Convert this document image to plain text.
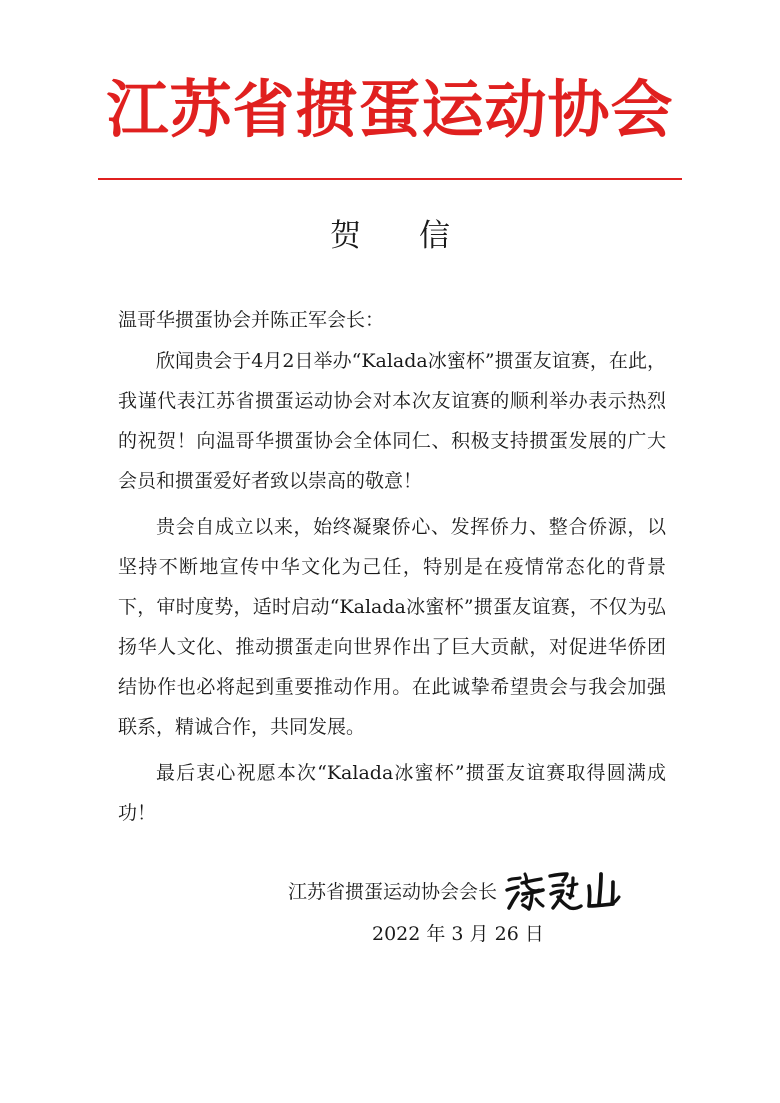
江苏省掼蛋运动协会
贺 信

温哥华掼蛋协会并陈正军会长：

欣闻贵会于4月2日举办“Kalada冰蜜杯”掼蛋友谊赛，在此，我谨代表江苏省掼蛋运动协会对本次友谊赛的顺利举办表示热烈的祝贺！向温哥华掼蛋协会全体同仁、积极支持掼蛋发展的广大会员和掼蛋爱好者致以崇高的敬意！

贵会自成立以来，始终凝聚侨心、发挥侨力、整合侨源，以坚持不断地宣传中华文化为己任，特别是在疫情常态化的背景下，审时度势，适时启动“Kalada冰蜜杯”掼蛋友谊赛，不仅为弘扬华人文化、推动掼蛋走向世界作出了巨大贡献，对促进华侨团结协作也必将起到重要推动作用。在此诚挚希望贵会与我会加强联系，精诚合作，共同发展。

最后衷心祝愿本次“Kalada冰蜜杯”掼蛋友谊赛取得圆满成功！

江苏省掼蛋运动协会会长
2022 年 3 月 26 日
